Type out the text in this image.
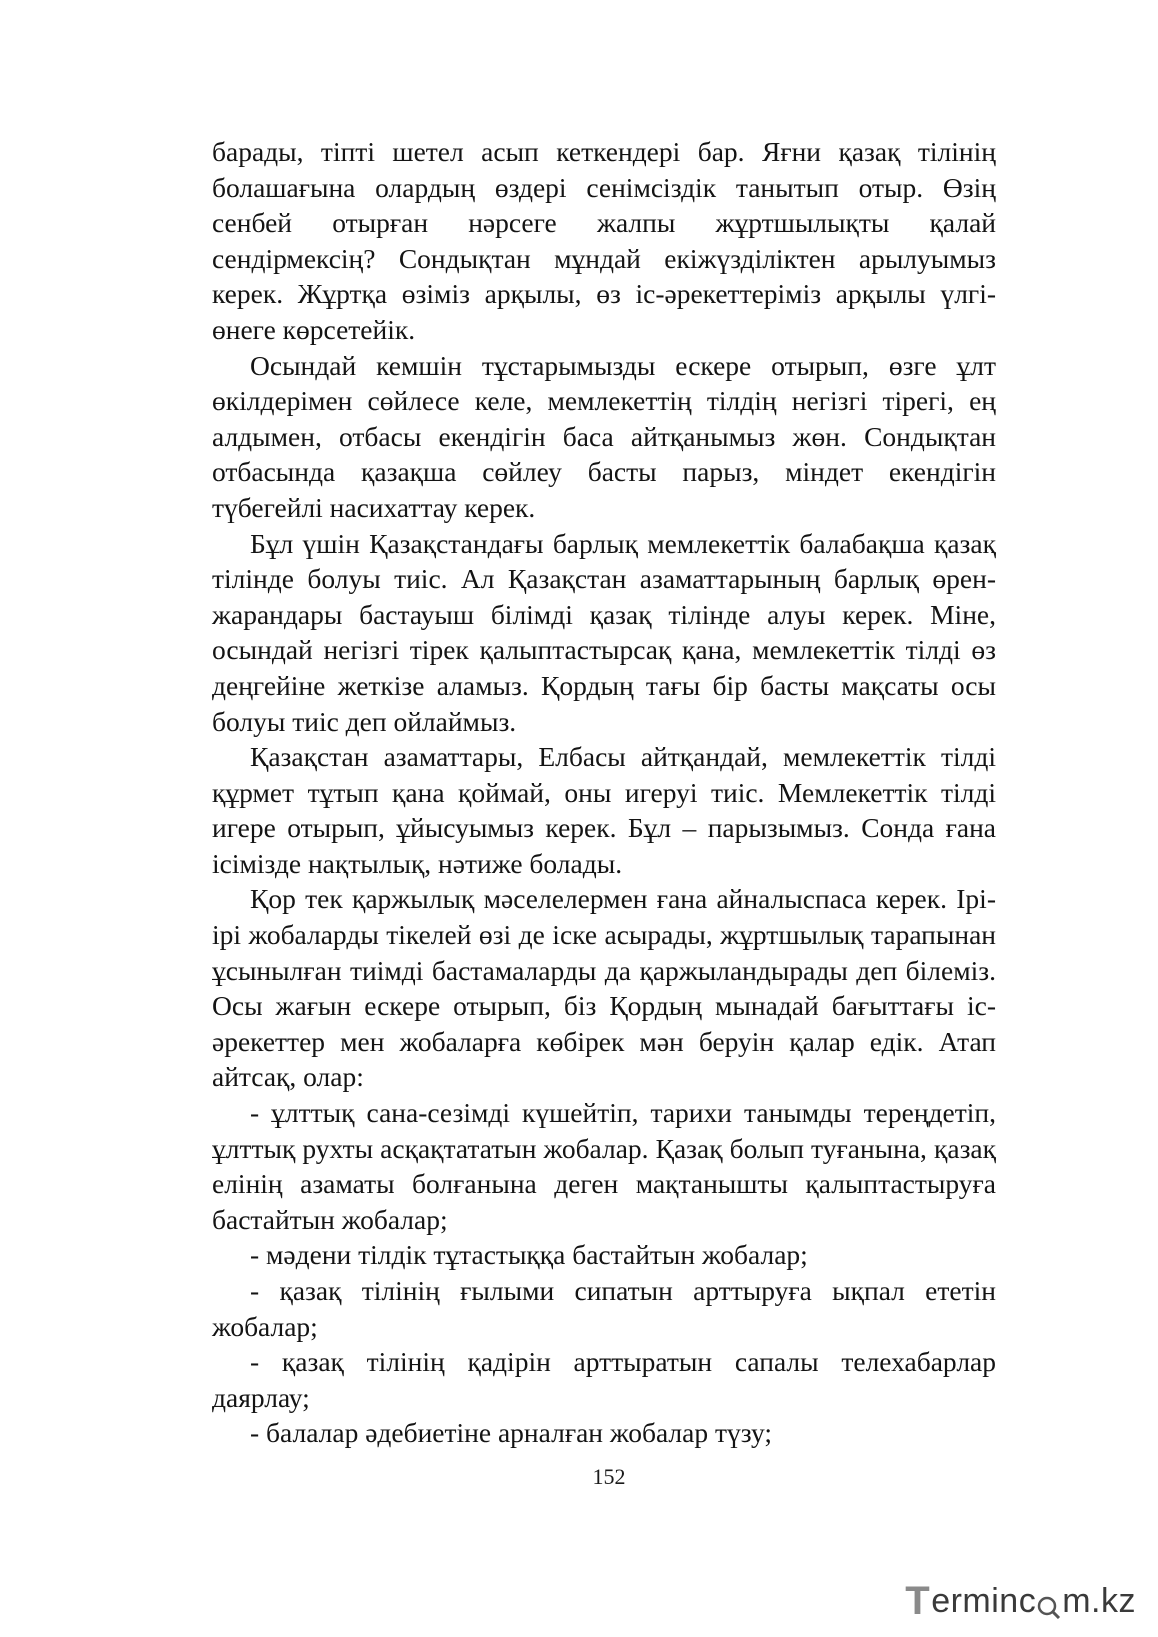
барады, тіпті шетел асып кеткендері бар. Яғни қазақ тілінің болашағына олардың өздері сенімсіздік танытып отыр. Өзің сенбей отырған нәрсеге жалпы жұртшылықты қалай сендірмексің? Сондықтан мұндай екіжүзділіктен арылуымыз керек. Жұртқа өзіміз арқылы, өз іс-әрекеттеріміз арқылы үлгі-өнеге көрсетейік.

Осындай кемшін тұстарымызды ескере отырып, өзге ұлт өкілдерімен сөйлесе келе, мемлекеттің тілдің негізгі тірегі, ең алдымен, отбасы екендігін баса айтқанымыз жөн. Сондықтан отбасында қазақша сөйлеу басты парыз, міндет екендігін түбегейлі насихаттау керек.

Бұл үшін Қазақстандағы барлық мемлекеттік балабақша қазақ тілінде болуы тиіс. Ал Қазақстан азаматтарының барлық өрен-жарандары бастауыш білімді қазақ тілінде алуы керек. Міне, осындай негізгі тірек қалыптастырсақ қана, мемлекеттік тілді өз деңгейіне жеткізе аламыз. Қордың тағы бір басты мақсаты осы болуы тиіс деп ойлаймыз.

Қазақстан азаматтары, Елбасы айтқандай, мемлекеттік тілді құрмет тұтып қана қоймай, оны игеруі тиіс. Мемлекеттік тілді игере отырып, ұйысуымыз керек. Бұл – парызымыз. Сонда ғана ісімізде нақтылық, нәтиже болады.

Қор тек қаржылық мәселелермен ғана айналыспаса керек. Ірі-ірі жобаларды тікелей өзі де іске асырады, жұртшылық тарапынан ұсынылған тиімді бастамаларды да қаржыландырады деп білеміз. Осы жағын ескере отырып, біз Қордың мынадай бағыттағы іс-әрекеттер мен жобаларға көбірек мән беруін қалар едік. Атап айтсақ, олар:

- ұлттық сана-сезімді күшейтіп, тарихи танымды тереңдетіп, ұлттық рухты асқақтататын жобалар. Қазақ болып туғанына, қазақ елінің азаматы болғанына деген мақтанышты қалыптастыруға бастайтын жобалар;

- мәдени тілдік тұтастыққа бастайтын жобалар;

- қазақ тілінің ғылыми сипатын арттыруға ықпал ететін жобалар;

- қазақ тілінің қадірін арттыратын сапалы телехабарлар даярлау;

- балалар әдебиетіне арналған жобалар түзу;

152
T erminc m.kz
